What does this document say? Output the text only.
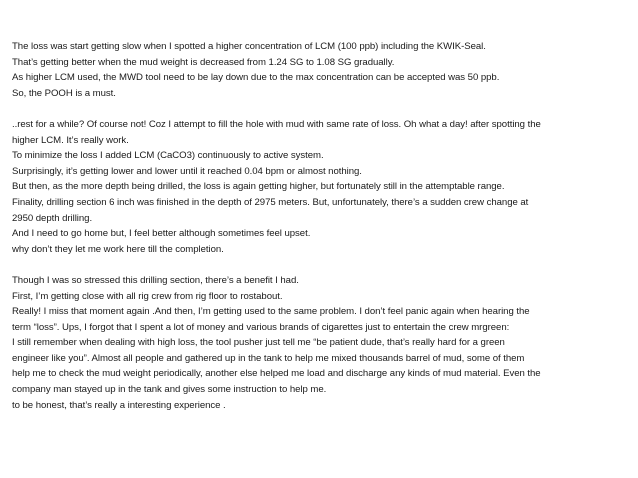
The loss was start getting slow when I spotted a higher concentration of LCM (100 ppb) including the KWIK-Seal.
That’s getting better when the mud weight is decreased from 1.24 SG to 1.08 SG gradually.
As higher LCM used, the MWD tool need to be lay down due to the max concentration can be accepted was 50 ppb.
So, the POOH is a must.
..rest for a while? Of course not! Coz I attempt to fill the hole with mud with same rate of loss. Oh what a day! after spotting the
higher LCM. It’s really work.
To minimize the loss I added LCM (CaCO3) continuously to active system.
Surprisingly, it’s getting lower and lower until it reached 0.04 bpm or almost nothing.
But then, as the more depth being drilled, the loss is again getting higher, but fortunately still in the attemptable range.
Finality, drilling section 6 inch was finished in the depth of 2975 meters. But, unfortunately, there’s a sudden crew change at
2950 depth drilling.
And I need to go home but, I feel better although sometimes feel upset.
why don’t they let me work here till the completion.
Though I was so stressed this drilling section, there’s a benefit I had.
First, I’m getting close with all rig crew from rig floor to rostabout.
Really! I miss that moment again .And then, I’m getting used to the same problem. I don’t feel panic again when hearing the
term “loss”. Ups, I forgot that I spent a lot of money and various brands of cigarettes just to entertain the crew mrgreen:
I still remember when dealing with high loss, the tool pusher just tell me “be patient dude, that’s really hard for a green
engineer like you”. Almost all people and gathered up in the tank to help me mixed thousands barrel of mud, some of them
help me to check the mud weight periodically, another else helped me load and discharge any kinds of mud material. Even the
company man stayed up in the tank and gives some instruction to help me.
to be honest, that’s really a interesting experience .
